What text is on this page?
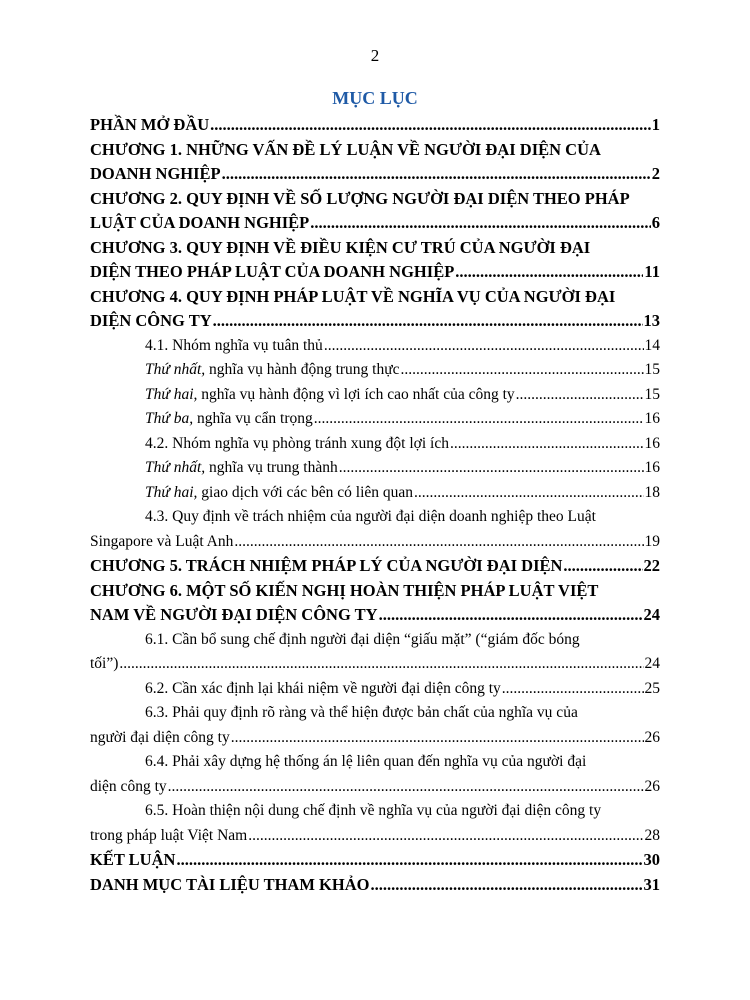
2
MỤC LỤC
PHẦN MỞ ĐẦU .....	1
CHƯƠNG 1. NHỮNG VẤN ĐỀ LÝ LUẬN VỀ NGƯỜI ĐẠI DIỆN CỦA
DOANH NGHIỆP .....	2
CHƯƠNG 2. QUY ĐỊNH VỀ SỐ LƯỢNG NGƯỜI ĐẠI DIỆN THEO PHÁP
LUẬT CỦA DOANH NGHIỆP .....	6
CHƯƠNG 3. QUY ĐỊNH VỀ ĐIỀU KIỆN CƯ TRÚ CỦA NGƯỜI ĐẠI
DIỆN THEO PHÁP LUẬT CỦA DOANH NGHIỆP .....	11
CHƯƠNG 4. QUY ĐỊNH PHÁP LUẬT VỀ NGHĨA VỤ CỦA NGƯỜI ĐẠI
DIỆN CÔNG TY .....	13
4.1. Nhóm nghĩa vụ tuân thủ .....	14
Thứ nhất, nghĩa vụ hành động trung thực .....	15
Thứ hai, nghĩa vụ hành động vì lợi ích cao nhất của công ty .....	15
Thứ ba, nghĩa vụ cẩn trọng .....	16
4.2. Nhóm nghĩa vụ phòng tránh xung đột lợi ích .....	16
Thứ nhất, nghĩa vụ trung thành .....	16
Thứ hai, giao dịch với các bên có liên quan .....	18
4.3. Quy định về trách nhiệm của người đại diện doanh nghiệp theo Luật
Singapore và Luật Anh .....	19
CHƯƠNG 5. TRÁCH NHIỆM PHÁP LÝ CỦA NGƯỜI ĐẠI DIỆN .....	22
CHƯƠNG 6. MỘT SỐ KIẾN NGHỊ HOÀN THIỆN PHÁP LUẬT VIỆT
NAM VỀ NGƯỜI ĐẠI DIỆN CÔNG TY .....	24
6.1. Cần bổ sung chế định người đại diện “giấu mặt” (“giám đốc bóng
tối”) .....	24
6.2. Cần xác định lại khái niệm về người đại diện công ty .....	25
6.3. Phải quy định rõ ràng và thể hiện được bản chất của nghĩa vụ của
người đại diện công ty .....	26
6.4. Phải xây dựng hệ thống án lệ liên quan đến nghĩa vụ của người đại
diện công ty .....	26
6.5. Hoàn thiện nội dung chế định về nghĩa vụ của người đại diện công ty
trong pháp luật Việt Nam .....	28
KẾT LUẬN .....	30
DANH MỤC TÀI LIỆU THAM KHẢO .....	31
